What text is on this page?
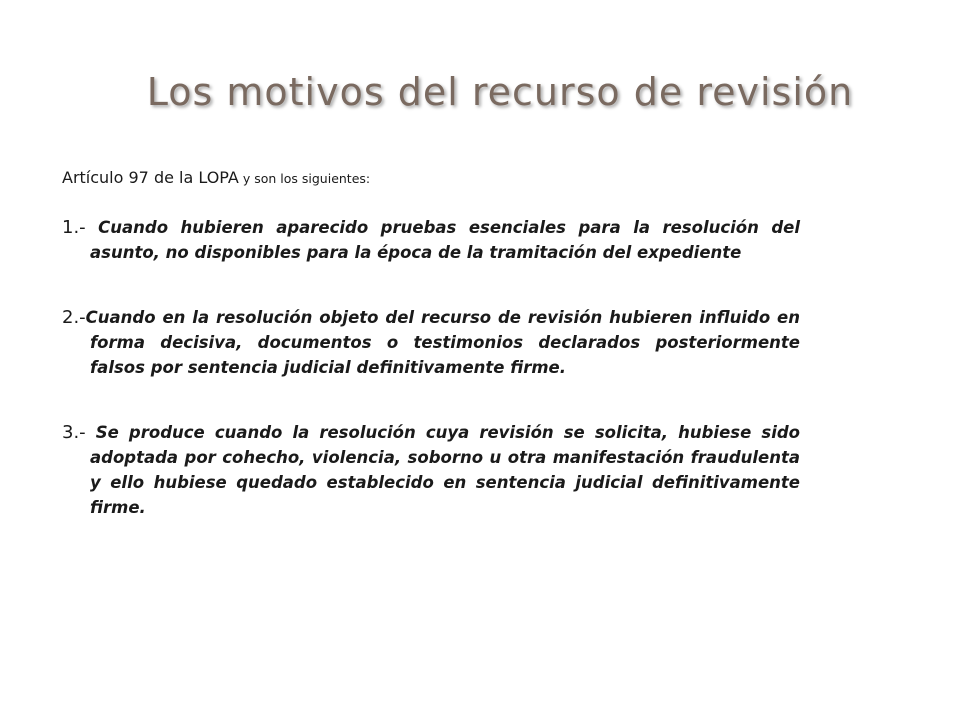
Los motivos del recurso de revisión

Artículo 97 de la LOPA y son los siguientes:

1.- Cuando hubieren aparecido pruebas esenciales para la resolución del asunto, no disponibles para la época de la tramitación del expediente

2.-Cuando en la resolución objeto del recurso de revisión hubieren influido en forma decisiva, documentos o testimonios declarados posteriormente falsos por sentencia judicial definitivamente firme.

3.- Se produce cuando la resolución cuya revisión se solicita, hubiese sido adoptada por cohecho, violencia, soborno u otra manifestación fraudulenta y ello hubiese quedado establecido en sentencia judicial definitivamente firme.
